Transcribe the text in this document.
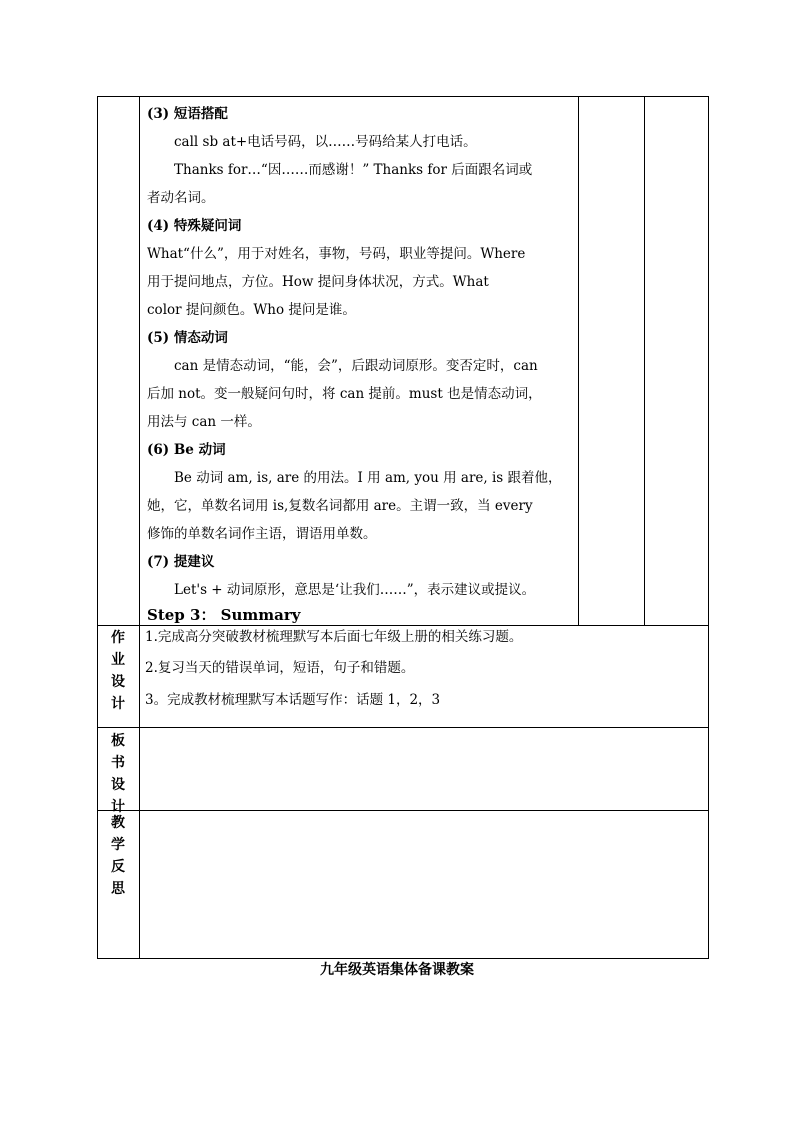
(3) 短语搭配
call sb at+电话号码，以……号码给某人打电话。
Thanks for…“因……而感谢！” Thanks for 后面跟名词或
者动名词。
(4) 特殊疑问词
What“什么”，用于对姓名，事物，号码，职业等提问。Where
用于提问地点，方位。How 提问身体状况，方式。What
color 提问颜色。Who 提问是谁。
(5) 情态动词
can 是情态动词，“能，会”，后跟动词原形。变否定时，can
后加 not。变一般疑问句时，将 can 提前。must 也是情态动词，
用法与 can 一样。
(6) Be 动词
Be 动词 am, is, are 的用法。I 用 am, you 用 are, is 跟着他，
她，它，单数名词用 is,复数名词都用 are。主谓一致，当 every
修饰的单数名词作主语，谓语用单数。
(7) 提建议
Let's + 动词原形，意思是‘让我们……”，表示建议或提议。
Step 3： Summary
作
业
设
计
1.完成高分突破教材梳理默写本后面七年级上册的相关练习题。
2.复习当天的错误单词，短语，句子和错题。
3。完成教材梳理默写本话题写作：话题 1，2，3
板
书
设
计
教
学
反
思
九年级英语集体备课教案
